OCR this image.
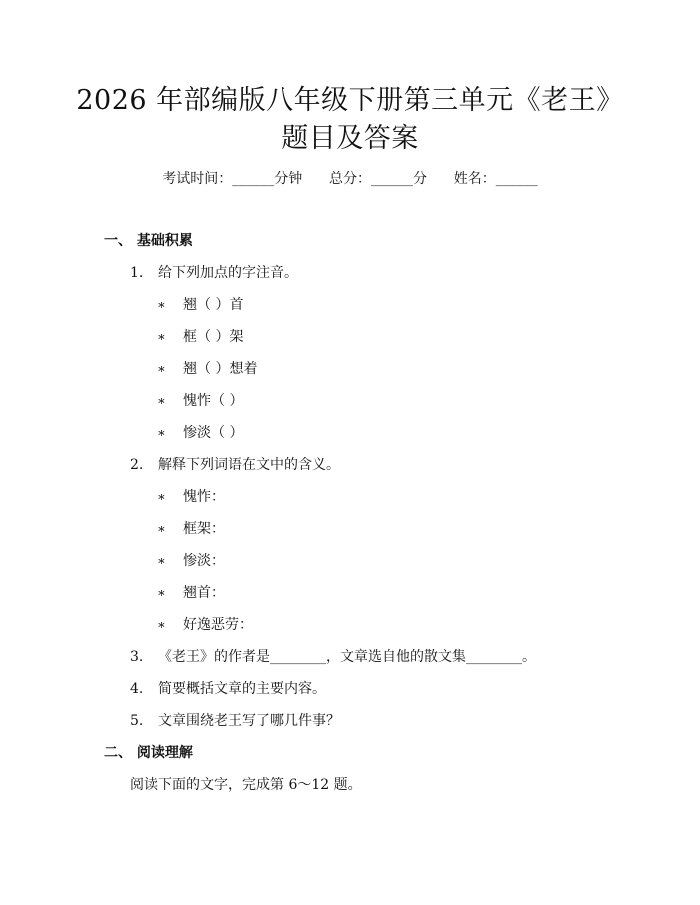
2026 年部编版八年级下册第三单元《老王》
题目及答案
考试时间：______分钟      总分：______分      姓名：______
一、 基础积累
1. 给下列加点的字注音。
∗ 翘（ ）首
∗ 框（ ）架
∗ 翘（ ）想着
∗ 愧怍（ ）
∗ 惨淡（ ）
2. 解释下列词语在文中的含义。
∗ 愧怍：
∗ 框架：
∗ 惨淡：
∗ 翘首：
∗ 好逸恶劳：
3. 《老王》的作者是________，文章选自他的散文集________。
4. 简要概括文章的主要内容。
5. 文章围绕老王写了哪几件事？
二、 阅读理解
阅读下面的文字，完成第 6～12 题。
